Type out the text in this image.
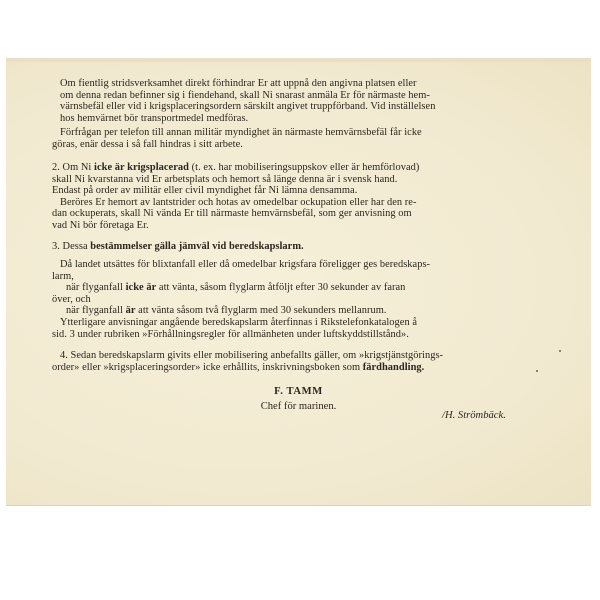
Om fientlig stridsverksamhet direkt förhindrar Er att uppnå den angivna platsen eller
om denna redan befinner sig i fiendehand, skall Ni snarast anmäla Er för närmaste hem-
värnsbefäl eller vid i krigsplaceringsordern särskilt angivet truppförband. Vid inställelsen
hos hemvärnet bör transportmedel medföras.
Förfrågan per telefon till annan militär myndighet än närmaste hemvärnsbefäl får icke
göras, enär dessa i så fall hindras i sitt arbete.
2. Om Ni icke är krigsplacerad (t. ex. har mobiliseringsuppskov eller är hemförlovad)
skall Ni kvarstanna vid Er arbetsplats och hemort så länge denna är i svensk hand.
Endast på order av militär eller civil myndighet får Ni lämna densamma.
Beröres Er hemort av lantstrider och hotas av omedelbar ockupation eller har den re-
dan ockuperats, skall Ni vända Er till närmaste hemvärnsbefäl, som ger anvisning om
vad Ni bör företaga Er.
3. Dessa bestämmelser gälla jämväl vid beredskapslarm.
Då landet utsättes för blixtanfall eller då omedelbar krigsfara föreligger ges beredskaps-
larm,
när flyganfall icke är att vänta, såsom flyglarm åtföljt efter 30 sekunder av faran
över, och
när flyganfall är att vänta såsom två flyglarm med 30 sekunders mellanrum.
Ytterligare anvisningar angående beredskapslarm återfinnas i Rikstelefonkatalogen å
sid. 3 under rubriken »Förhållningsregler för allmänheten under luftskyddstillstånd».
4. Sedan beredskapslarm givits eller mobilisering anbefallts gäller, om »krigstjänstgörings-
order» eller »krigsplaceringsorder» icke erhållits, inskrivningsboken som färdhandling.
F. TAMM
Chef för marinen.
/H. Strömbäck.
